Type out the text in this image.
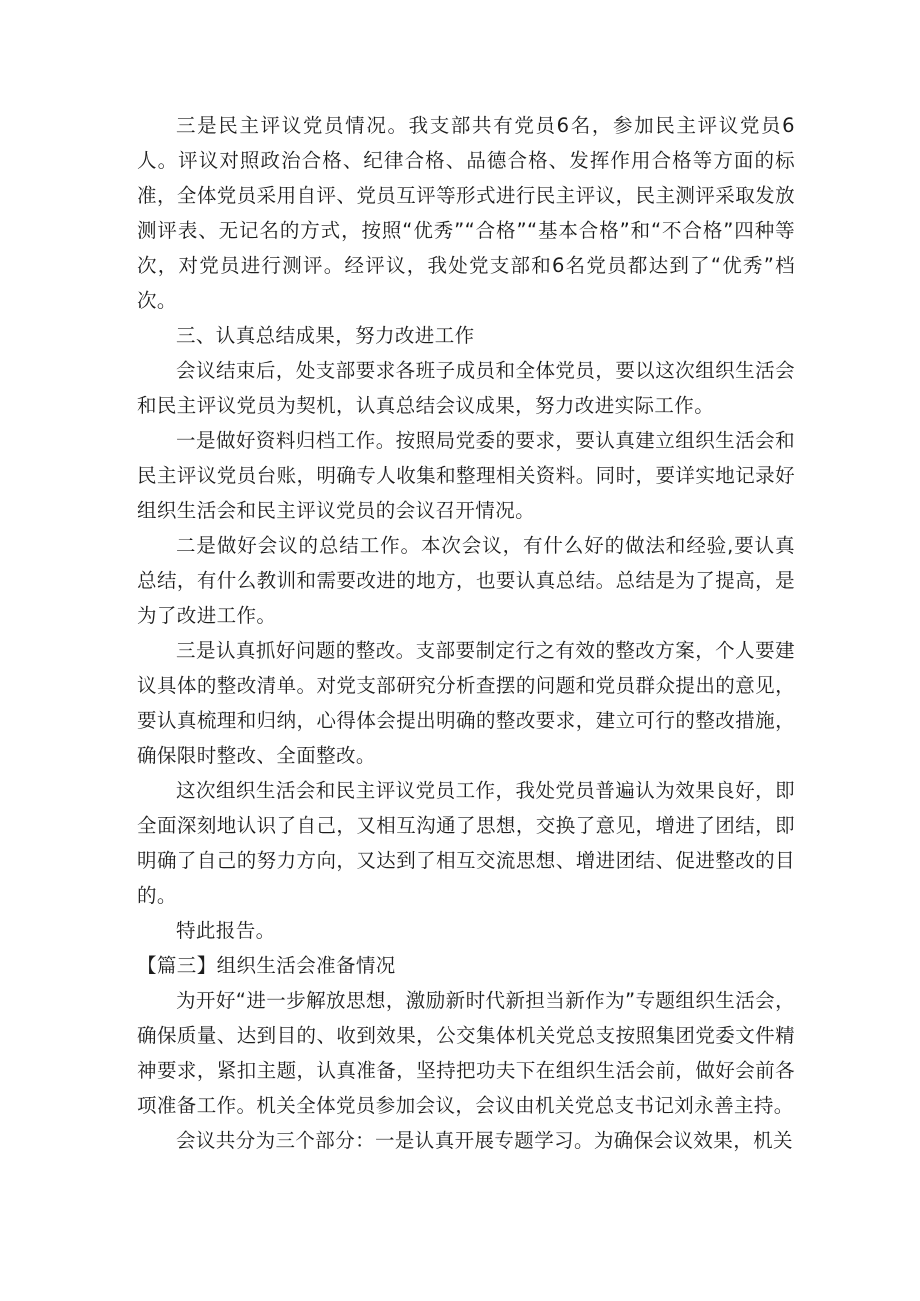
三是民主评议党员情况。我支部共有党员6名，参加民主评议党员6人。评议对照政治合格、纪律合格、品德合格、发挥作用合格等方面的标准，全体党员采用自评、党员互评等形式进行民主评议，民主测评采取发放测评表、无记名的方式，按照“优秀”“合格”“基本合格”和“不合格”四种等次，对党员进行测评。经评议，我处党支部和6名党员都达到了“优秀”档次。

三、认真总结成果，努力改进工作

会议结束后，处支部要求各班子成员和全体党员，要以这次组织生活会和民主评议党员为契机，认真总结会议成果，努力改进实际工作。

一是做好资料归档工作。按照局党委的要求，要认真建立组织生活会和民主评议党员台账，明确专人收集和整理相关资料。同时，要详实地记录好组织生活会和民主评议党员的会议召开情况。

二是做好会议的总结工作。本次会议，有什么好的做法和经验,要认真总结，有什么教训和需要改进的地方，也要认真总结。总结是为了提高，是为了改进工作。

三是认真抓好问题的整改。支部要制定行之有效的整改方案，个人要建议具体的整改清单。对党支部研究分析查摆的问题和党员群众提出的意见，要认真梳理和归纳，心得体会提出明确的整改要求，建立可行的整改措施，确保限时整改、全面整改。

这次组织生活会和民主评议党员工作，我处党员普遍认为效果良好，即全面深刻地认识了自己，又相互沟通了思想，交换了意见，增进了团结，即明确了自己的努力方向，又达到了相互交流思想、增进团结、促进整改的目的。

特此报告。

【篇三】组织生活会准备情况

为开好“进一步解放思想，激励新时代新担当新作为”专题组织生活会，确保质量、达到目的、收到效果，公交集体机关党总支按照集团党委文件精神要求，紧扣主题，认真准备，坚持把功夫下在组织生活会前，做好会前各项准备工作。机关全体党员参加会议，会议由机关党总支书记刘永善主持。

会议共分为三个部分：一是认真开展专题学习。为确保会议效果，机关
